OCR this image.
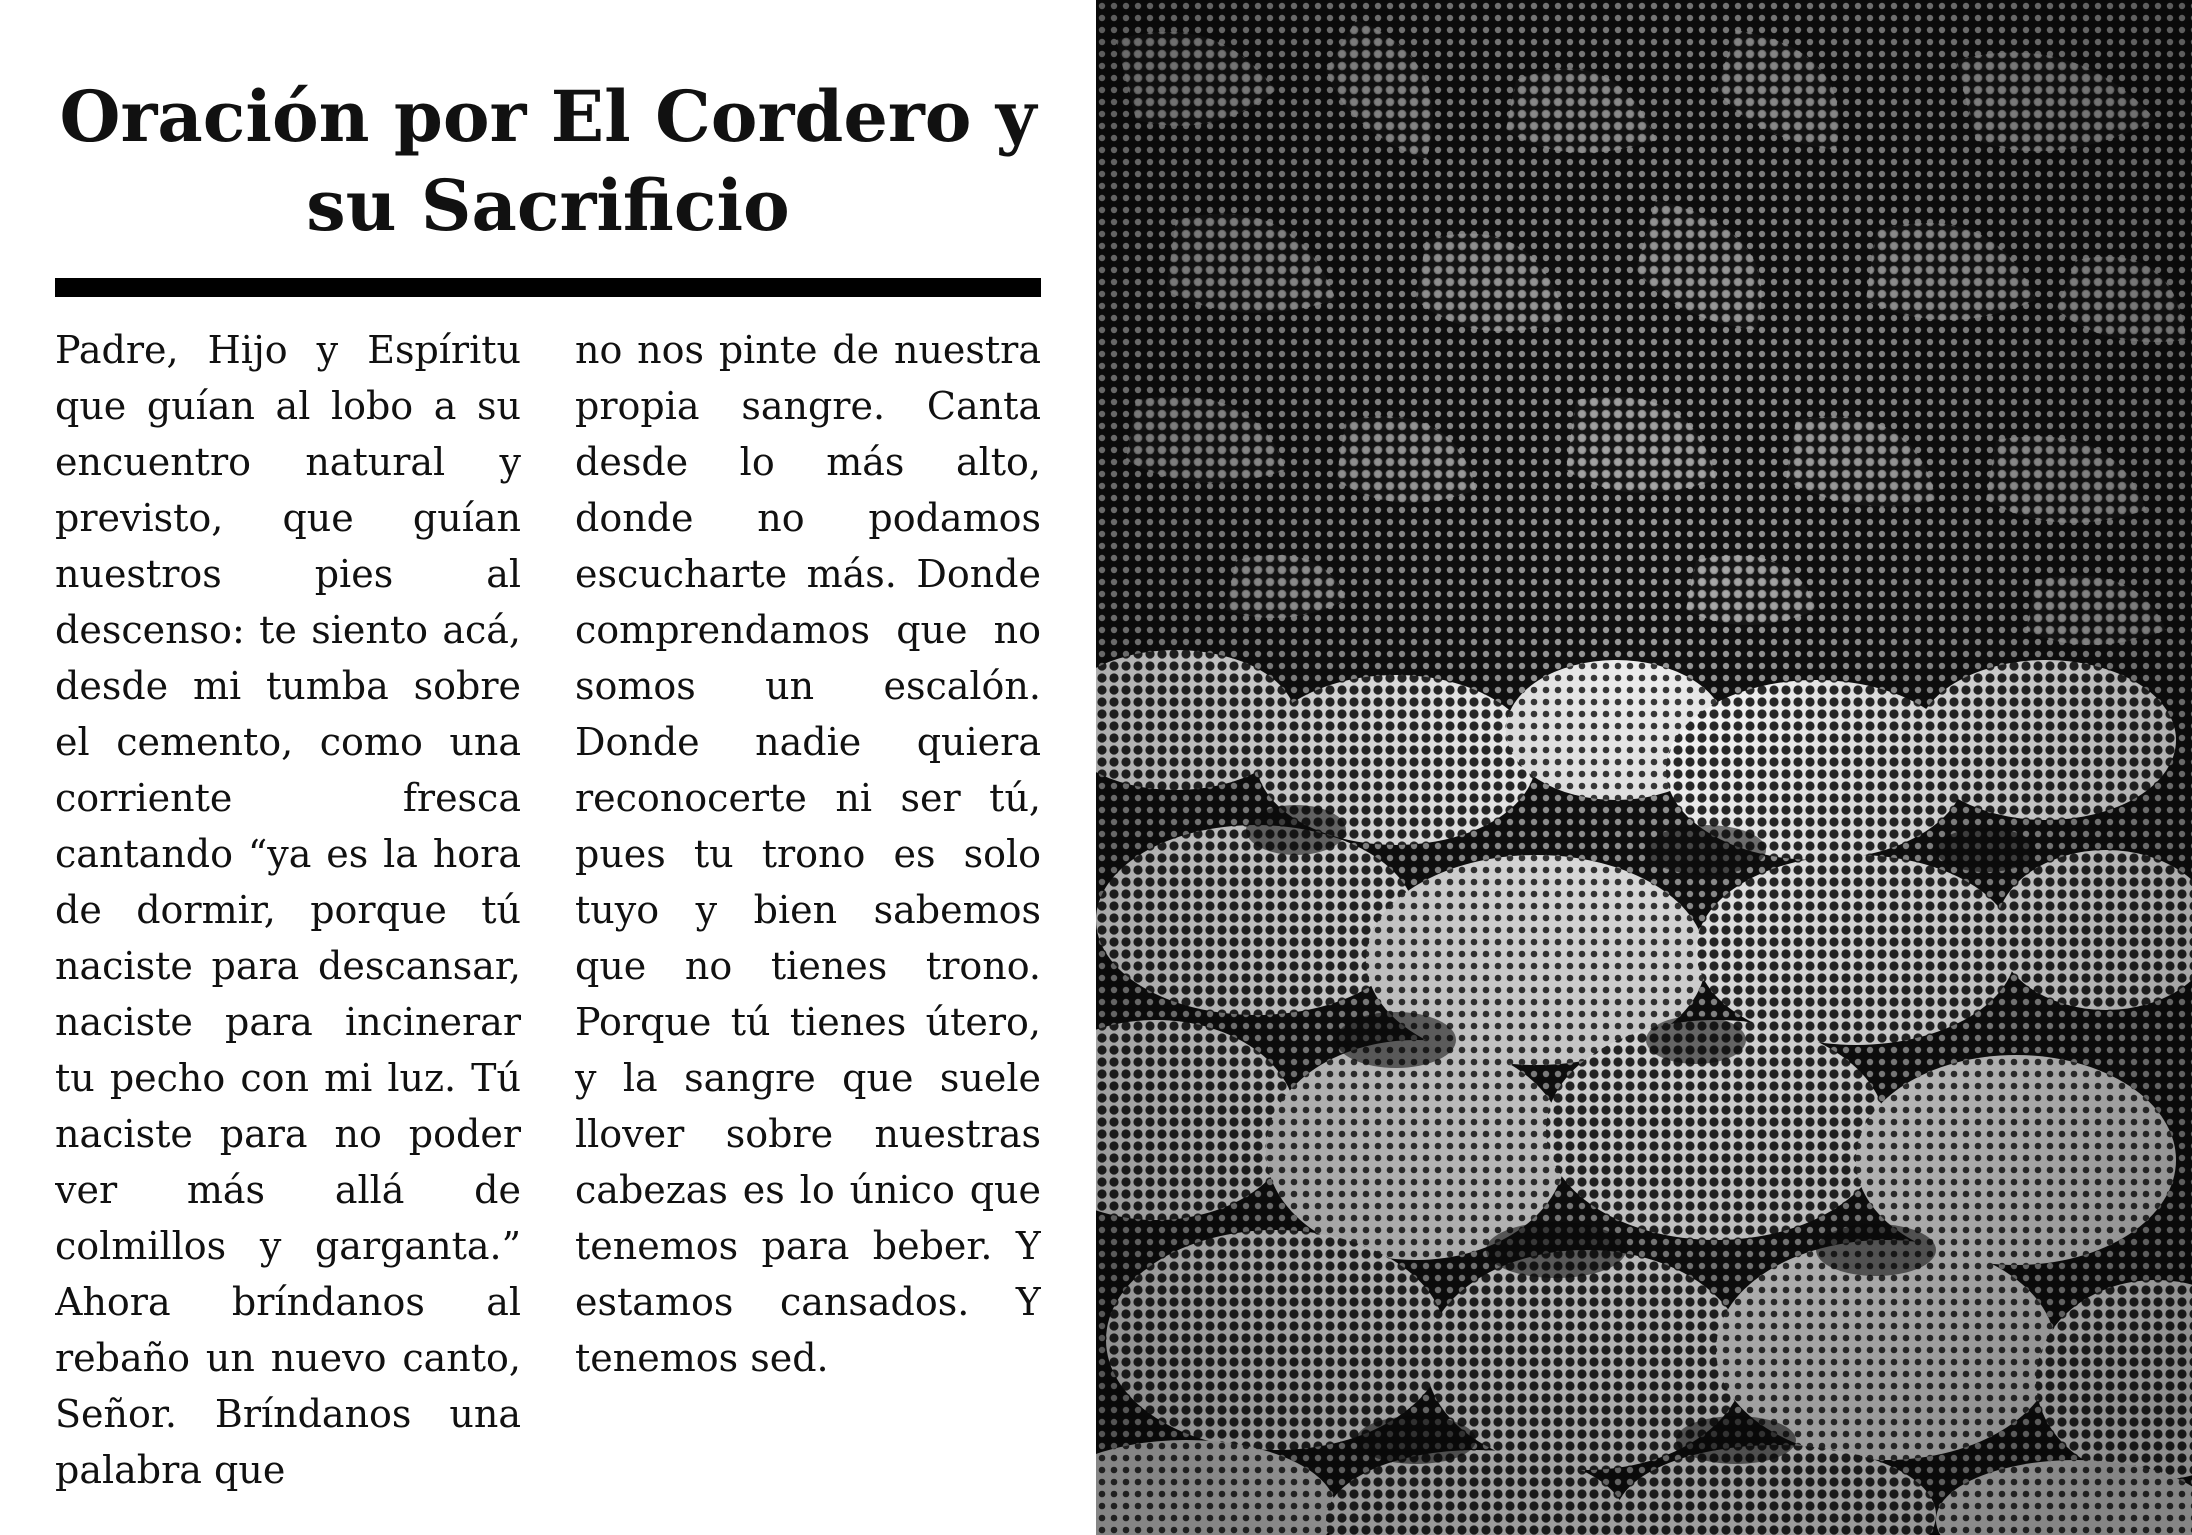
Oración por El Cordero y su Sacrificio

Padre, Hijo y Espíritu que guían al lobo a su encuentro natural y previsto, que guían nuestros pies al descenso: te siento acá, desde mi tumba sobre el cemento, como una corriente fresca cantando “ya es la hora de dormir, porque tú naciste para descansar, naciste para incinerar tu pecho con mi luz. Tú naciste para no poder ver más allá de colmillos y garganta.” Ahora bríndanos al rebaño un nuevo canto, Señor. Bríndanos una palabra que

no nos pinte de nuestra propia sangre. Canta desde lo más alto, donde no podamos escucharte más. Donde comprendamos que no somos un escalón. Donde nadie quiera reconocerte ni ser tú, pues tu trono es solo tuyo y bien sabemos que no tienes trono. Porque tú tienes útero, y la sangre que suele llover sobre nuestras cabezas es lo único que tenemos para beber. Y estamos cansados. Y tenemos sed.
